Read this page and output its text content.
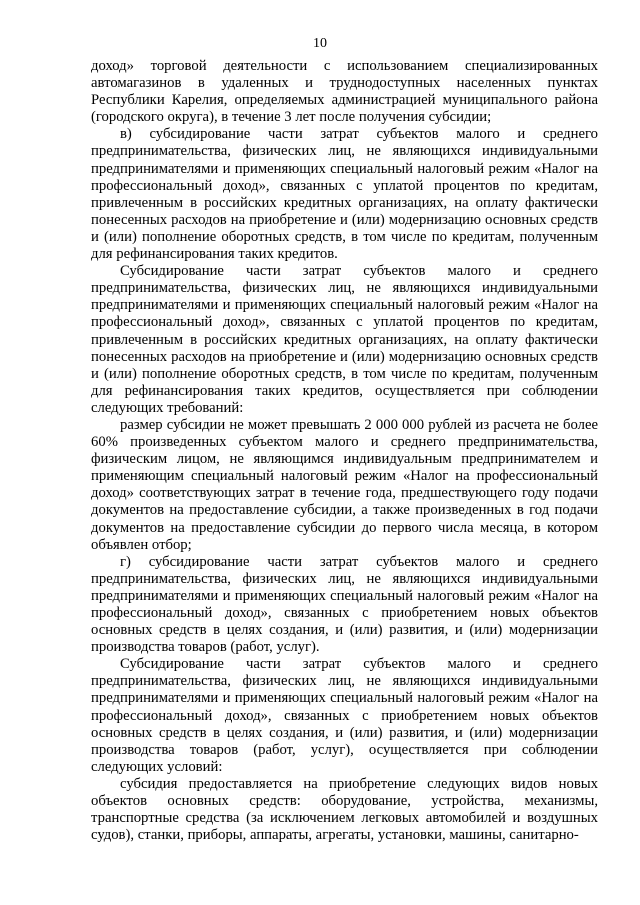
10

доход» торговой деятельности с использованием специализированных автомагазинов в удаленных и труднодоступных населенных пунктах Республики Карелия, определяемых администрацией муниципального района (городского округа), в течение 3 лет после получения субсидии;

в) субсидирование части затрат субъектов малого и среднего предпринимательства, физических лиц, не являющихся индивидуальными предпринимателями и применяющих специальный налоговый режим «Налог на профессиональный доход», связанных с уплатой процентов по кредитам, привлеченным в российских кредитных организациях, на оплату фактически понесенных расходов на приобретение и (или) модернизацию основных средств и (или) пополнение оборотных средств, в том числе по кредитам, полученным для рефинансирования таких кредитов.

Субсидирование части затрат субъектов малого и среднего предпринимательства, физических лиц, не являющихся индивидуальными предпринимателями и применяющих специальный налоговый режим «Налог на профессиональный доход», связанных с уплатой процентов по кредитам, привлеченным в российских кредитных организациях, на оплату фактически понесенных расходов на приобретение и (или) модернизацию основных средств и (или) пополнение оборотных средств, в том числе по кредитам, полученным для рефинансирования таких кредитов, осуществляется при соблюдении следующих требований:

размер субсидии не может превышать 2 000 000 рублей из расчета не более 60% произведенных субъектом малого и среднего предпринимательства, физическим лицом, не являющимся индивидуальным предпринимателем и применяющим специальный налоговый режим «Налог на профессиональный доход» соответствующих затрат в течение года, предшествующего году подачи документов на предоставление субсидии, а также произведенных в год подачи документов на предоставление субсидии до первого числа месяца, в котором объявлен отбор;

г) субсидирование части затрат субъектов малого и среднего предпринимательства, физических лиц, не являющихся индивидуальными предпринимателями и применяющих специальный налоговый режим «Налог на профессиональный доход», связанных с приобретением новых объектов основных средств в целях создания, и (или) развития, и (или) модернизации производства товаров (работ, услуг).

Субсидирование части затрат субъектов малого и среднего предпринимательства, физических лиц, не являющихся индивидуальными предпринимателями и применяющих специальный налоговый режим «Налог на профессиональный доход», связанных с приобретением новых объектов основных средств в целях создания, и (или) развития, и (или) модернизации производства товаров (работ, услуг), осуществляется при соблюдении следующих условий:

субсидия предоставляется на приобретение следующих видов новых объектов основных средств: оборудование, устройства, механизмы, транспортные средства (за исключением легковых автомобилей и воздушных судов), станки, приборы, аппараты, агрегаты, установки, машины, санитарно-
